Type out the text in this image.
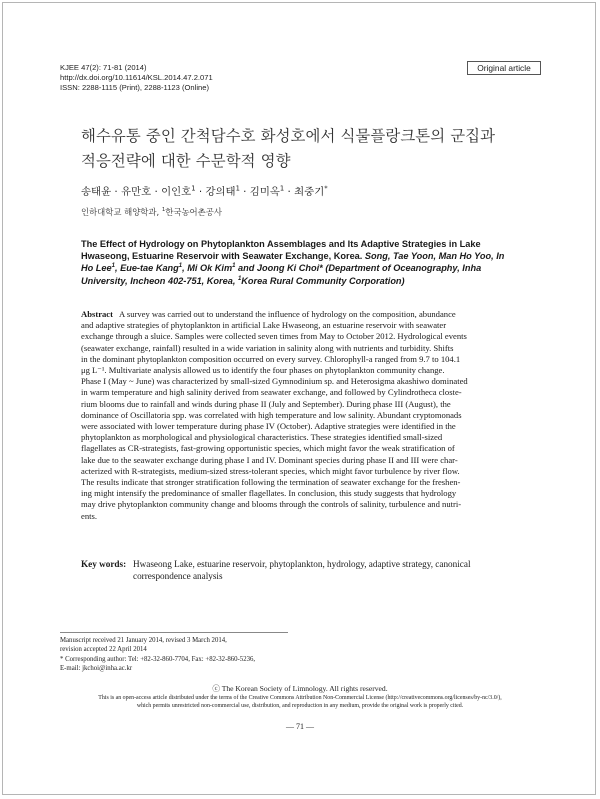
KJEE 47(2): 71-81 (2014)
http://dx.doi.org/10.11614/KSL.2014.47.2.071
ISSN: 2288-1115 (Print), 2288-1123 (Online)
Original article
해수유통 중인 간척담수호 화성호에서 식물플랑크톤의 군집과
적응전략에 대한 수문학적 영향
송태윤 · 유만호 · 이인호$^1$ · 강의태$^1$ · 김미옥$^1$ · 최중기*
인하대학교 해양학과, $^1$한국농어촌공사
The Effect of Hydrology on Phytoplankton Assemblages and Its Adaptive Strategies in Lake
Hwaseong, Estuarine Reservoir with Seawater Exchange, Korea. Song, Tae Yoon, Man Ho Yoo, In
Ho Lee$^1$, Eue-tae Kang$^1$, Mi Ok Kim$^1$ and Joong Ki Choi* (Department of Oceanography, Inha
University, Incheon 402-751, Korea, $^1$Korea Rural Community Corporation)
Abstract A survey was carried out to understand the influence of hydrology on the composition, abundance
and adaptive strategies of phytoplankton in artificial Lake Hwaseong, an estuarine reservoir with seawater
exchange through a sluice. Samples were collected seven times from May to October 2012. Hydrological events
(seawater exchange, rainfall) resulted in a wide variation in salinity along with nutrients and turbidity. Shifts
in the dominant phytoplankton composition occurred on every survey. Chlorophyll-a ranged from 9.7 to 104.1
μg L⁻¹. Multivariate analysis allowed us to identify the four phases on phytoplankton community change.
Phase I (May ~ June) was characterized by small-sized Gymnodinium sp. and Heterosigma akashiwo dominated
in warm temperature and high salinity derived from seawater exchange, and followed by Cylindrotheca closte-
rium blooms due to rainfall and winds during phase II (July and September). During phase III (August), the
dominance of Oscillatoria spp. was correlated with high temperature and low salinity. Abundant cryptomonads
were associated with lower temperature during phase IV (October). Adaptive strategies were identified in the
phytoplankton as morphological and physiological characteristics. These strategies identified small-sized
flagellates as CR-strategists, fast-growing opportunistic species, which might favor the weak stratification of
lake due to the seawater exchange during phase I and IV. Dominant species during phase II and III were char-
acterized with R-strategists, medium-sized stress-tolerant species, which might favor turbulence by river flow.
The results indicate that stronger stratification following the termination of seawater exchange for the freshen-
ing might intensify the predominance of smaller flagellates. In conclusion, this study suggests that hydrology
may drive phytoplankton community change and blooms through the controls of salinity, turbulence and nutri-
ents.
Key words: Hwaseong Lake, estuarine reservoir, phytoplankton, hydrology, adaptive strategy, canonical
correspondence analysis
Manuscript received 21 January 2014, revised 3 March 2014,
revision accepted 22 April 2014
* Corresponding author: Tel: +82-32-860-7704, Fax: +82-32-860-5236,
E-mail: jkchoi@inha.ac.kr
ⓒ The Korean Society of Limnology. All rights reserved.
This is an open-access article distributed under the terms of the Creative Commons Attribution Non-Commercial License (http://creativecommons.org/licenses/by-nc/3.0/),
which permits unrestricted non-commercial use, distribution, and reproduction in any medium, provide the original work is properly cited.
— 71 —
